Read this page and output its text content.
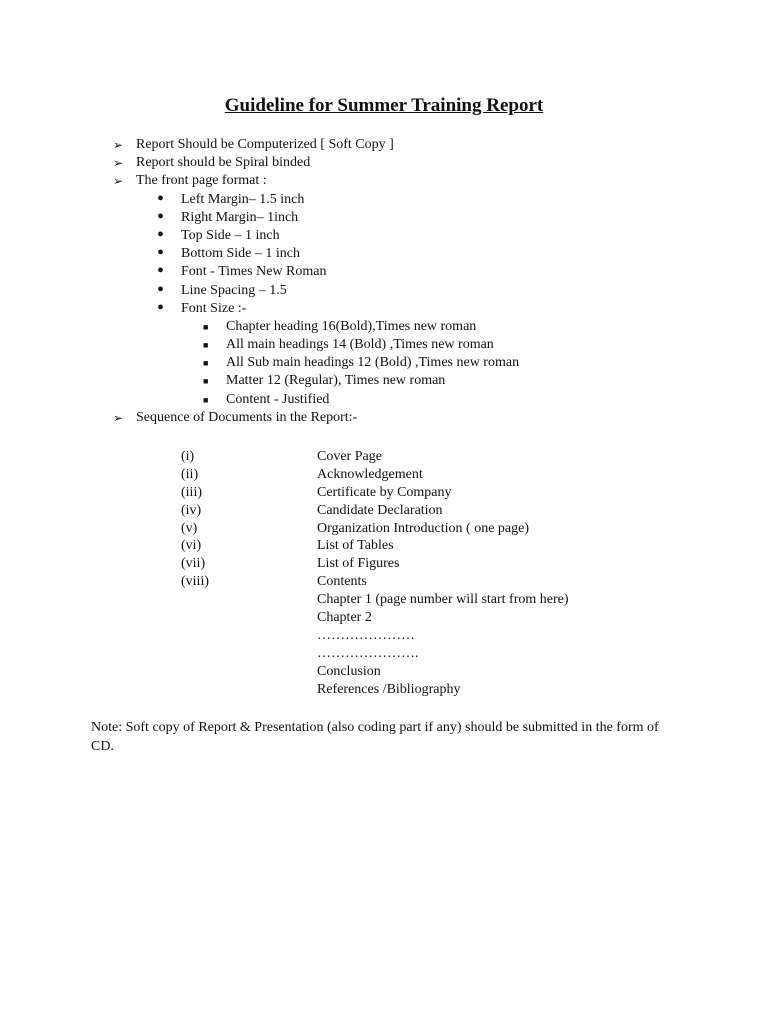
Guideline for Summer Training Report
➢ Report Should be Computerized [ Soft Copy ]
➢ Report should be Spiral binded
➢ The front page format :
• Left Margin– 1.5 inch
• Right Margin– 1inch
• Top Side – 1 inch
• Bottom Side – 1 inch
• Font - Times New Roman
• Line Spacing – 1.5
• Font Size :-
■ Chapter heading 16(Bold),Times new roman
■ All main headings 14 (Bold) ,Times new roman
■ All Sub main headings 12 (Bold) ,Times new roman
■ Matter 12 (Regular), Times new roman
■ Content - Justified
➢ Sequence of Documents in the Report:-
(i)	Cover Page
(ii)	Acknowledgement
(iii)	Certificate by Company
(iv)	Candidate Declaration
(v)	Organization Introduction ( one page)
(vi)	List of Tables
(vii)	List of Figures
(viii)	Contents
Chapter 1 (page number will start from here)
Chapter 2
…………………
………………….
Conclusion
References /Bibliography
Note: Soft copy of Report & Presentation (also coding part if any) should be submitted in the form of CD.
